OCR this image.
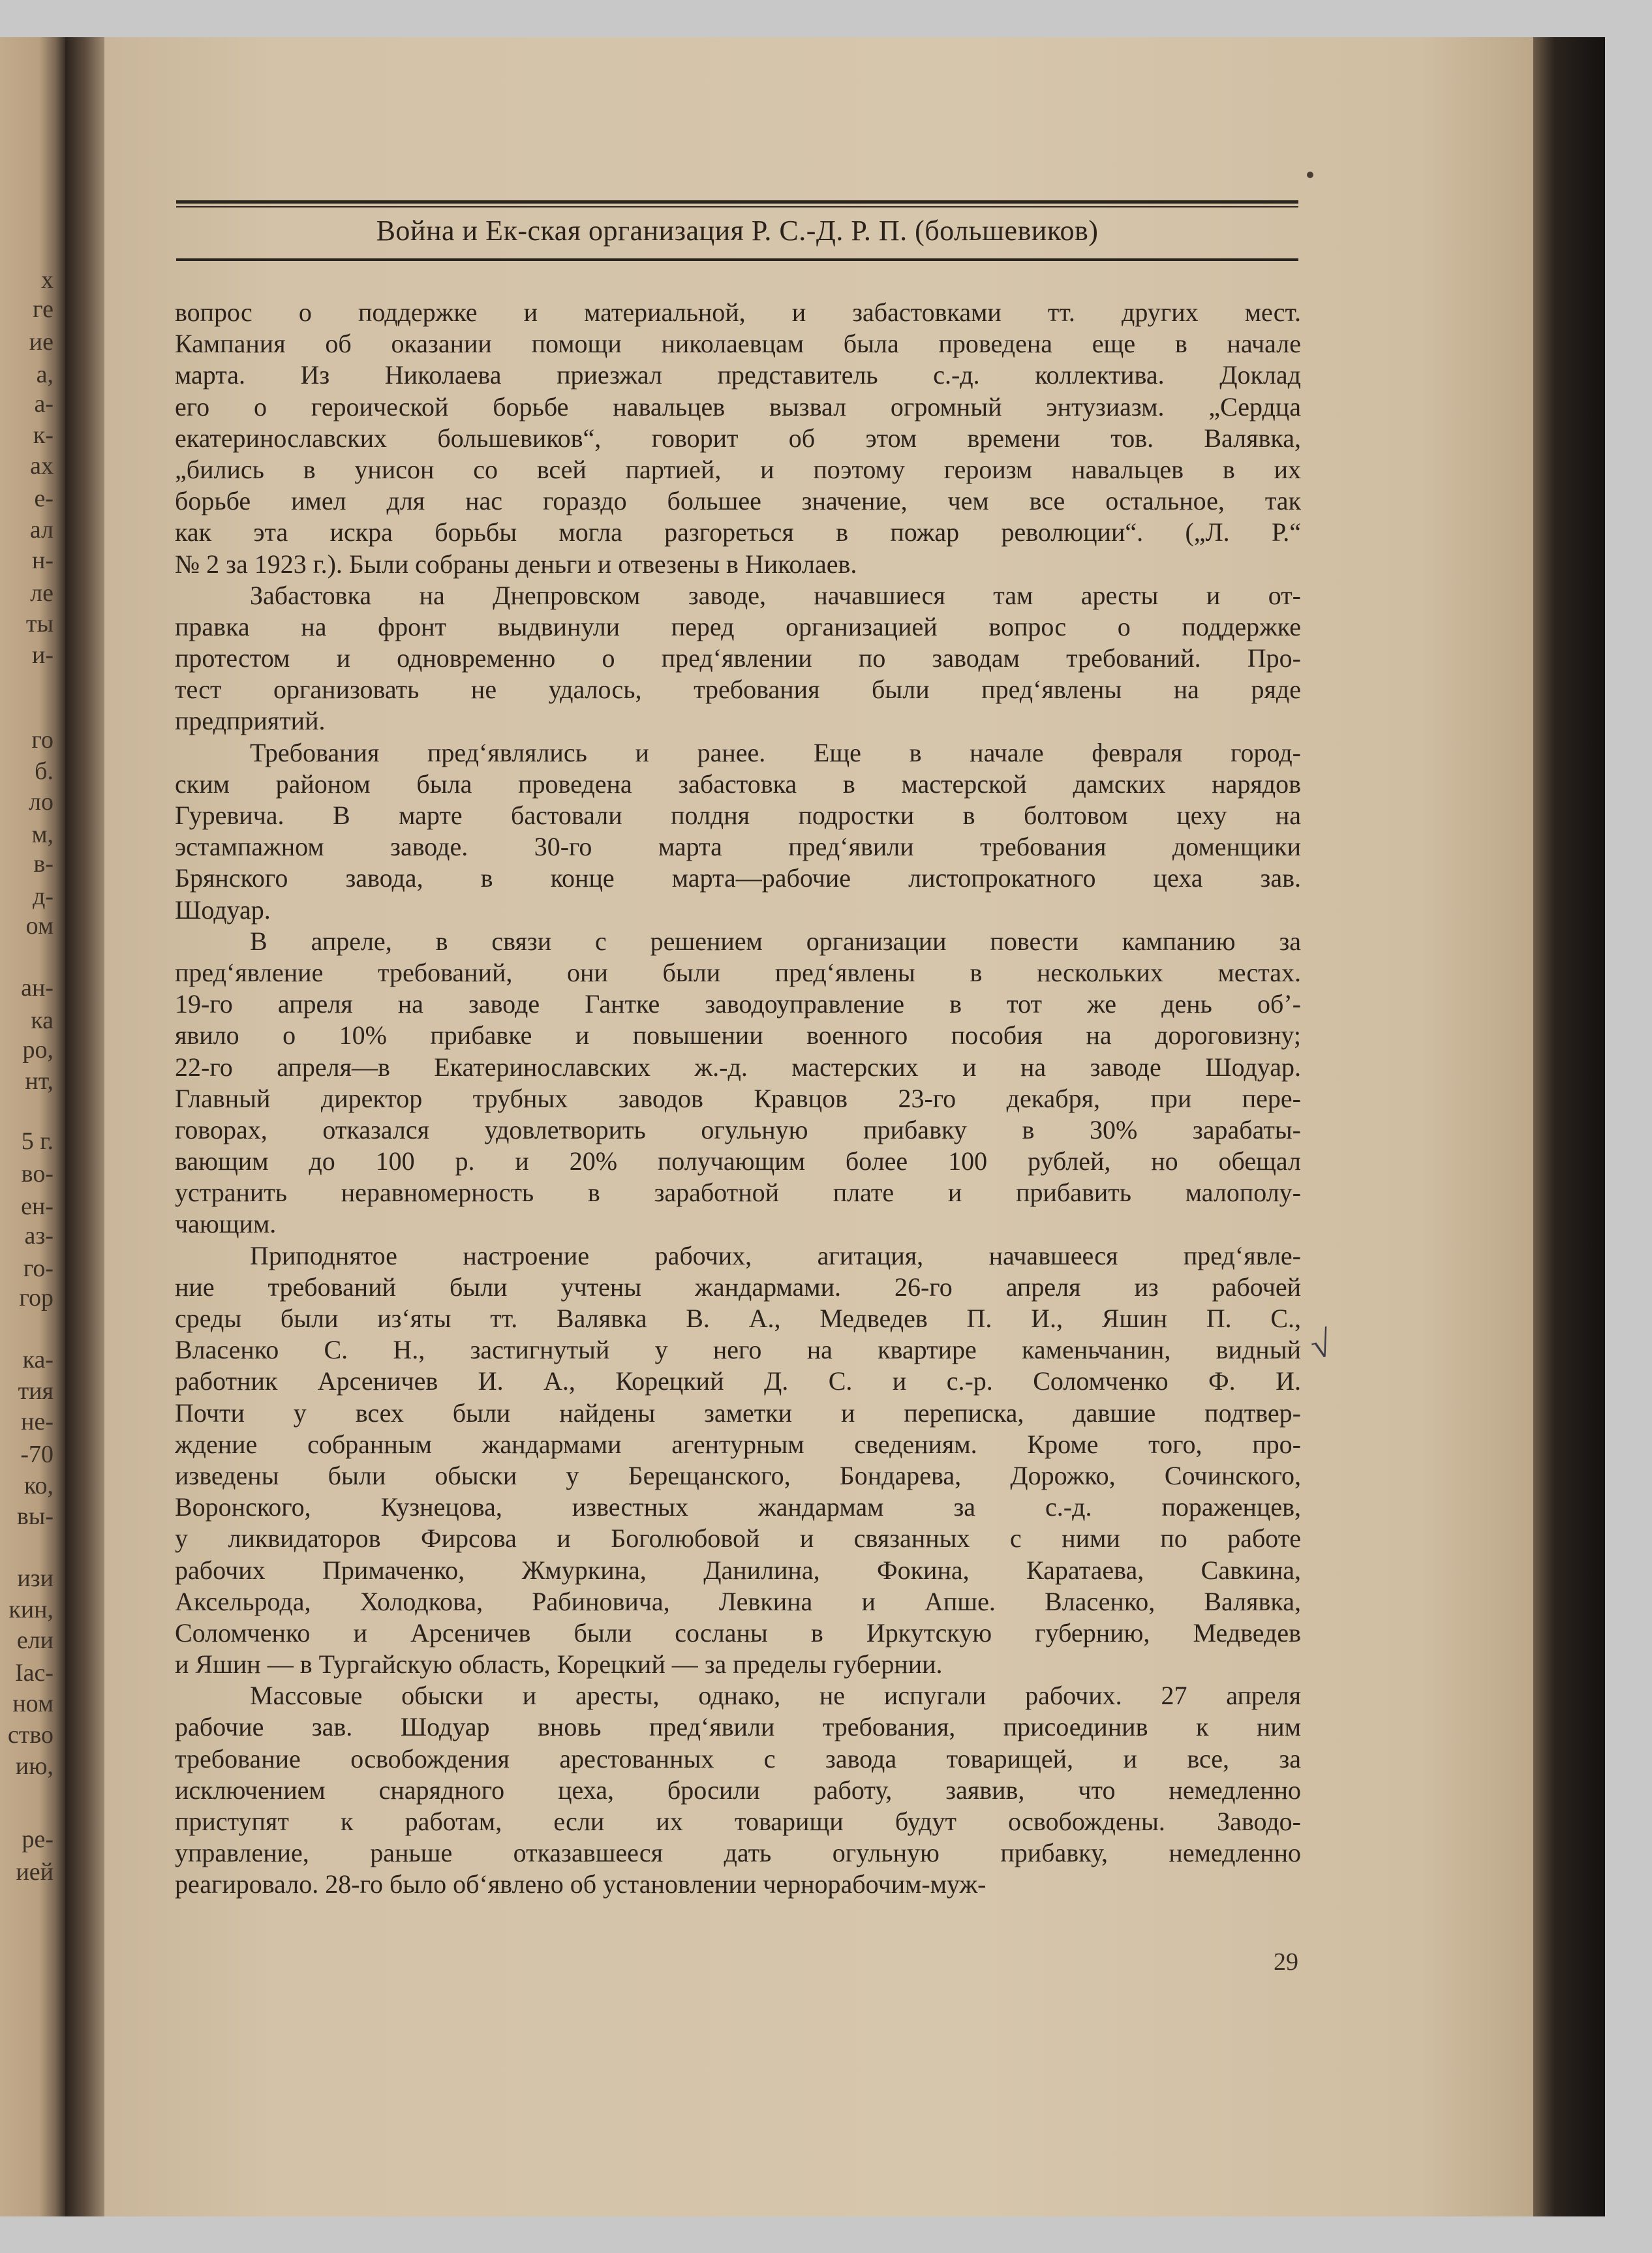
х
ге
ие
а,
а-
к-
ах
е-
ал
н-
ле
ты
и-
го
б.
ло
м,
в-
д-
ом
ан-
ка
ро,
нт,
5 г.
во-
ен-
аз-
го-
гор
ка-
тия
не-
-70
ко,
вы-
изи
кин,
ели
Іас-
ном
ство
ию,
ре-
ией
Война и Ек-ская организация Р. С.-Д. Р. П. (большевиков)
вопрос о поддержке и материальной, и забастовками тт. других мест.
Кампания об оказании помощи николаевцам была проведена еще в начале
марта. Из Николаева приезжал представитель с.-д. коллектива. Доклад
его о героической борьбе навальцев вызвал огромный энтузиазм. „Сердца
екатеринославских большевиков“, говорит об этом времени тов. Валявка,
„бились в унисон со всей партией, и поэтому героизм навальцев в их
борьбе имел для нас гораздо большее значение, чем все остальное, так
как эта искра борьбы могла разгореться в пожар революции“. („Л. Р.“
№ 2 за 1923 г.). Были собраны деньги и отвезены в Николаев.
Забастовка на Днепровском заводе, начавшиеся там аресты и от-
правка на фронт выдвинули перед организацией вопрос о поддержке
протестом и одновременно о пред‘явлении по заводам требований. Про-
тест организовать не удалось, требования были пред‘явлены на ряде
предприятий.
Требования пред‘являлись и ранее. Еще в начале февраля город-
ским районом была проведена забастовка в мастерской дамских нарядов
Гуревича. В марте бастовали полдня подростки в болтовом цеху на
эстампажном заводе. 30-го марта пред‘явили требования доменщики
Брянского завода, в конце марта—рабочие листопрокатного цеха зав.
Шодуар.
В апреле, в связи с решением организации повести кампанию за
пред‘явление требований, они были пред‘явлены в нескольких местах.
19-го апреля на заводе Гантке заводоуправление в тот же день об’-
явило о 10% прибавке и повышении военного пособия на дороговизну;
22-го апреля—в Екатеринославских ж.-д. мастерских и на заводе Шодуар.
Главный директор трубных заводов Кравцов 23-го декабря, при пере-
говорах, отказался удовлетворить огульную прибавку в 30% зарабаты-
вающим до 100 р. и 20% получающим более 100 рублей, но обещал
устранить неравномерность в заработной плате и прибавить малополу-
чающим.
Приподнятое настроение рабочих, агитация, начавшееся пред‘явле-
ние требований были учтены жандармами. 26-го апреля из рабочей
среды были из‘яты тт. Валявка В. А., Медведев П. И., Яшин П. С.,
Власенко С. Н., застигнутый у него на квартире каменьчанин, видный
работник Арсеничев И. А., Корецкий Д. С. и с.-р. Соломченко Ф. И.
Почти у всех были найдены заметки и переписка, давшие подтвер-
ждение собранным жандармами агентурным сведениям. Кроме того, про-
изведены были обыски у Берещанского, Бондарева, Дорожко, Сочинского,
Воронского, Кузнецова, известных жандармам за с.-д. пораженцев,
у ликвидаторов Фирсова и Боголюбовой и связанных с ними по работе
рабочих Примаченко, Жмуркина, Данилина, Фокина, Каратаева, Савкина,
Аксельрода, Холодкова, Рабиновича, Левкина и Апше. Власенко, Валявка,
Соломченко и Арсеничев были сосланы в Иркутскую губернию, Медведев
и Яшин — в Тургайскую область, Корецкий — за пределы губернии.
Массовые обыски и аресты, однако, не испугали рабочих. 27 апреля
рабочие зав. Шодуар вновь пред‘явили требования, присоединив к ним
требование освобождения арестованных с завода товарищей, и все, за
исключением снарядного цеха, бросили работу, заявив, что немедленно
приступят к работам, если их товарищи будут освобождены. Заводо-
управление, раньше отказавшееся дать огульную прибавку, немедленно
реагировало. 28-го было об‘явлено об установлении чернорабочим-муж-
√
29
